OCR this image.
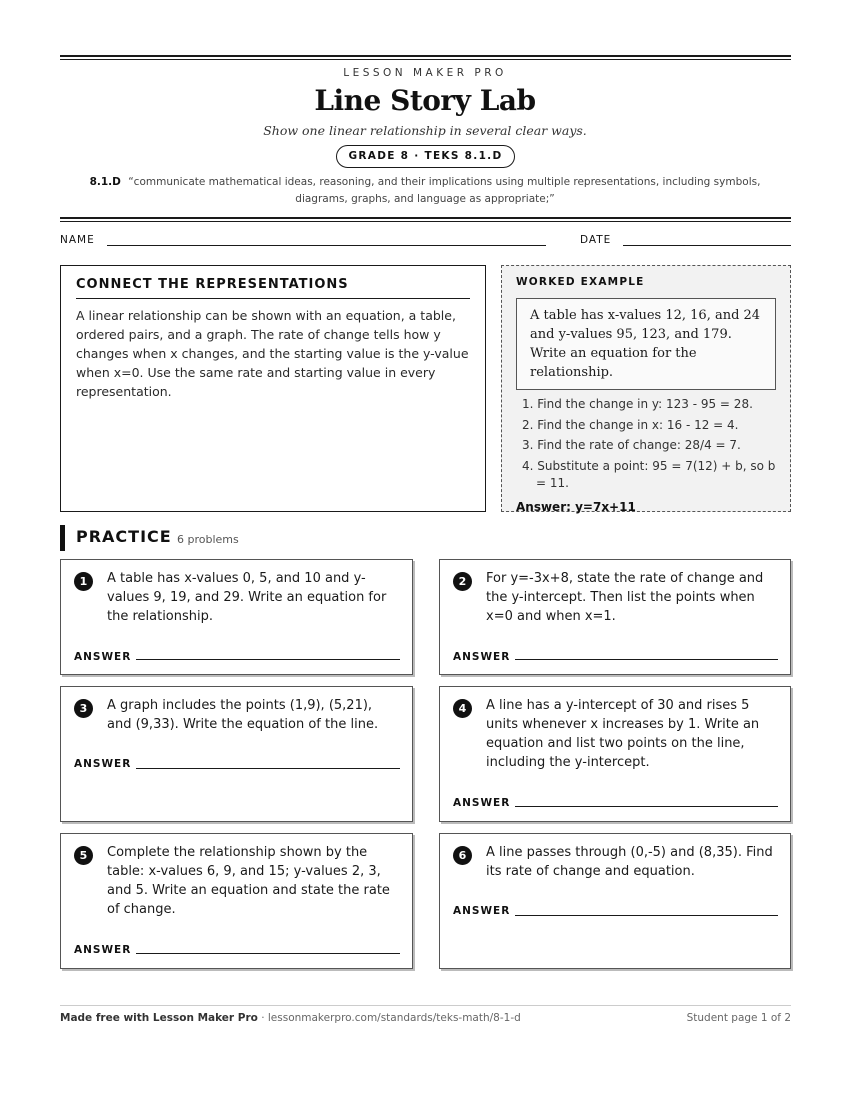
LESSON MAKER PRO
Line Story Lab
Show one linear relationship in several clear ways.
GRADE 8 · TEKS 8.1.D
8.1.D “communicate mathematical ideas, reasoning, and their implications using multiple representations, including symbols, diagrams, graphs, and language as appropriate;”
NAME	DATE
CONNECT THE REPRESENTATIONS
A linear relationship can be shown with an equation, a table, ordered pairs, and a graph. The rate of change tells how y changes when x changes, and the starting value is the y-value when x=0. Use the same rate and starting value in every representation.
WORKED EXAMPLE
A table has x-values 12, 16, and 24 and y-values 95, 123, and 179. Write an equation for the relationship.
1. Find the change in y: 123 - 95 = 28.
2. Find the change in x: 16 - 12 = 4.
3. Find the rate of change: 28/4 = 7.
4. Substitute a point: 95 = 7(12) + b, so b = 11.
Answer: y=7x+11
PRACTICE 6 problems
1	A table has x-values 0, 5, and 10 and y-values 9, 19, and 29. Write an equation for the relationship.
ANSWER
2	For y=-3x+8, state the rate of change and the y-intercept. Then list the points when x=0 and when x=1.
ANSWER
3	A graph includes the points (1,9), (5,21), and (9,33). Write the equation of the line.
ANSWER
4	A line has a y-intercept of 30 and rises 5 units whenever x increases by 1. Write an equation and list two points on the line, including the y-intercept.
ANSWER
5	Complete the relationship shown by the table: x-values 6, 9, and 15; y-values 2, 3, and 5. Write an equation and state the rate of change.
ANSWER
6	A line passes through (0,-5) and (8,35). Find its rate of change and equation.
ANSWER
Made free with Lesson Maker Pro · lessonmakerpro.com/standards/teks-math/8-1-d	Student page 1 of 2
